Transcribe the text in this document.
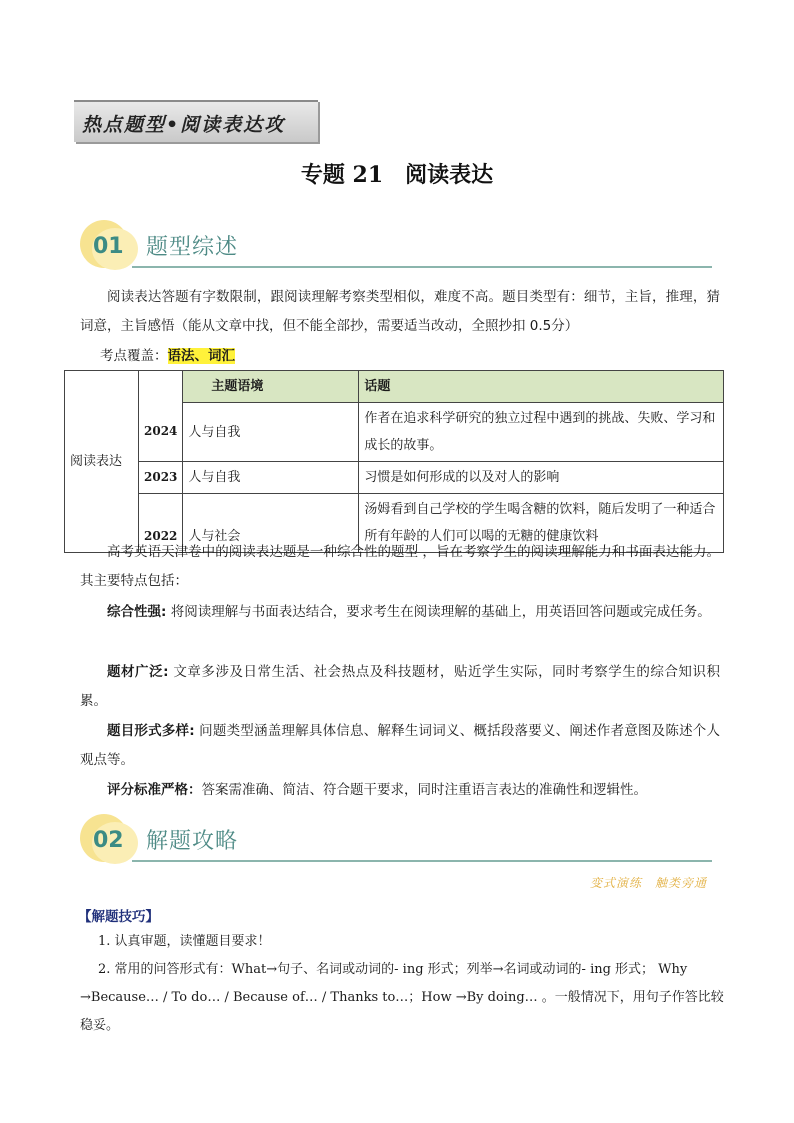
热点题型•阅读表达攻
专题 21　阅读表达
01 题型综述
阅读表达答题有字数限制，跟阅读理解考察类型相似，难度不高。题目类型有：细节，主旨，推理，猜词意，主旨感悟（能从文章中找，但不能全部抄，需要适当改动，全照抄扣 0.5分）
考点覆盖：语法、词汇
阅读表达		主题语境	话题
	2024	人与自我	作者在追求科学研究的独立过程中遇到的挑战、失败、学习和成长的故事。
	2023	人与自我	习惯是如何形成的以及对人的影响
	2022	人与社会	汤姆看到自己学校的学生喝含糖的饮料，随后发明了一种适合所有年龄的人们可以喝的无糖的健康饮料
高考英语天津卷中的阅读表达题是一种综合性的题型 ，旨在考察学生的阅读理解能力和书面表达能力。其主要特点包括：
综合性强: 将阅读理解与书面表达结合，要求考生在阅读理解的基础上，用英语回答问题或完成任务。
题材广泛: 文章多涉及日常生活、社会热点及科技题材，贴近学生实际，同时考察学生的综合知识积累。
题目形式多样: 问题类型涵盖理解具体信息、解释生词词义、概括段落要义、阐述作者意图及陈述个人观点等。
评分标准严格：答案需准确、简洁、符合题干要求，同时注重语言表达的准确性和逻辑性。
02 解题攻略
变式演练　触类旁通
【解题技巧】
1. 认真审题，读懂题目要求！
2. 常用的问答形式有：What→句子、名词或动词的- ing 形式；列举→名词或动词的- ing 形式； Why →Because… / To do… / Because of… / Thanks to…；How →By doing… 。一般情况下，用句子作答比较稳妥。
